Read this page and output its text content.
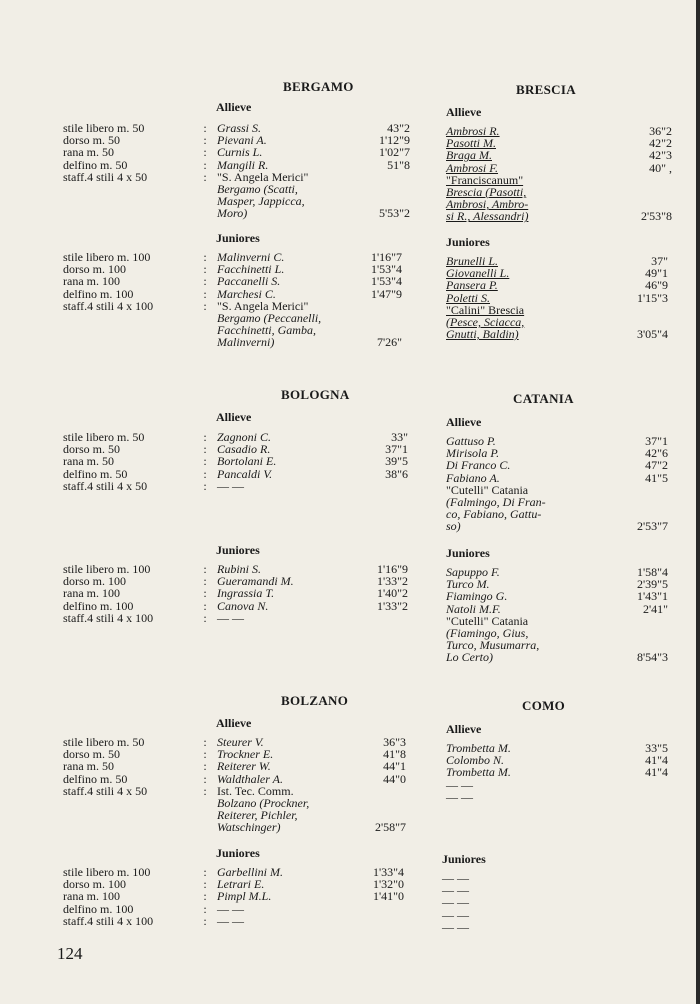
BERGAMO
Allieve
stile libero m. 50
dorso m. 50
rana m. 50
delfino m. 50
staff.4 stili 4 x 50
:
:
:
:
:
Grassi S.
Pievani A.
Curnis L.
Mangili R.
"S. Angela Merici"
Bergamo (Scatti,
Masper, Jappicca,
Moro)
43"2
1'12"9
1'02"7
51"8
5'53"2
Juniores
stile libero m. 100
dorso m. 100
rana m. 100
delfino m. 100
staff.4 stili 4 x 100
:
:
:
:
:
Malinverni C.
Facchinetti L.
Paccanelli S.
Marchesi C.
"S. Angela Merici"
Bergamo (Peccanelli,
Facchinetti, Gamba,
Malinverni)
1'16"7
1'53"4
1'53"4
1'47"9
7'26"
BRESCIA
Allieve
Ambrosi R.
Pasotti M.
Braga M.
Ambrosi F.
"Franciscanum"
Brescia (Pasotti,
Ambrosi, Ambro-
si R., Alessandri)
36"2
42"2
42"3
40" ,
2'53"8
Juniores
Brunelli L.
Giovanelli L.
Pansera P.
Poletti S.
"Calini" Brescia
(Pesce, Sciacca,
Gnutti, Baldin)
37"
49"1
46"9
1'15"3
3'05"4
BOLOGNA
Allieve
stile libero m. 50
dorso m. 50
rana m. 50
delfino m. 50
staff.4 stili 4 x 50
:
:
:
:
:
Zagnoni C.
Casadio R.
Bortolani E.
Pancaldi V.
— —
33"
37"1
39"5
38"6
Juniores
stile libero m. 100
dorso m. 100
rana m. 100
delfino m. 100
staff.4 stili 4 x 100
:
:
:
:
:
Rubini S.
Gueramandi M.
Ingrassia T.
Canova N.
— —
1'16"9
1'33"2
1'40"2
1'33"2
CATANIA
Allieve
Gattuso P.
Mirisola P.
Di Franco C.
Fabiano A.
"Cutelli" Catania
(Falmingo, Di Fran-
co, Fabiano, Gattu-
so)
37"1
42"6
47"2
41"5
2'53"7
Juniores
Sapuppo F.
Turco M.
Fiamingo G.
Natoli M.F.
"Cutelli" Catania
(Fiamingo, Gius,
Turco, Musumarra,
Lo Certo)
1'58"4
2'39"5
1'43"1
2'41"
8'54"3
BOLZANO
Allieve
stile libero m. 50
dorso m. 50
rana m. 50
delfino m. 50
staff.4 stili 4 x 50
:
:
:
:
:
Steurer V.
Trockner E.
Reiterer W.
Waldthaler A.
Ist. Tec. Comm.
Bolzano (Prockner,
Reiterer, Pichler,
Watschinger)
36"3
41"8
44"1
44"0
2'58"7
Juniores
stile libero m. 100
dorso m. 100
rana m. 100
delfino m. 100
staff.4 stili 4 x 100
:
:
:
:
:
Garbellini M.
Letrari E.
Pimpl M.L.
— —
— —
1'33"4
1'32"0
1'41"0
COMO
Allieve
Trombetta M.
Colombo N.
Trombetta M.
— —
— —
33"5
41"4
41"4
Juniores
— —
— —
— —
— —
— —
124
